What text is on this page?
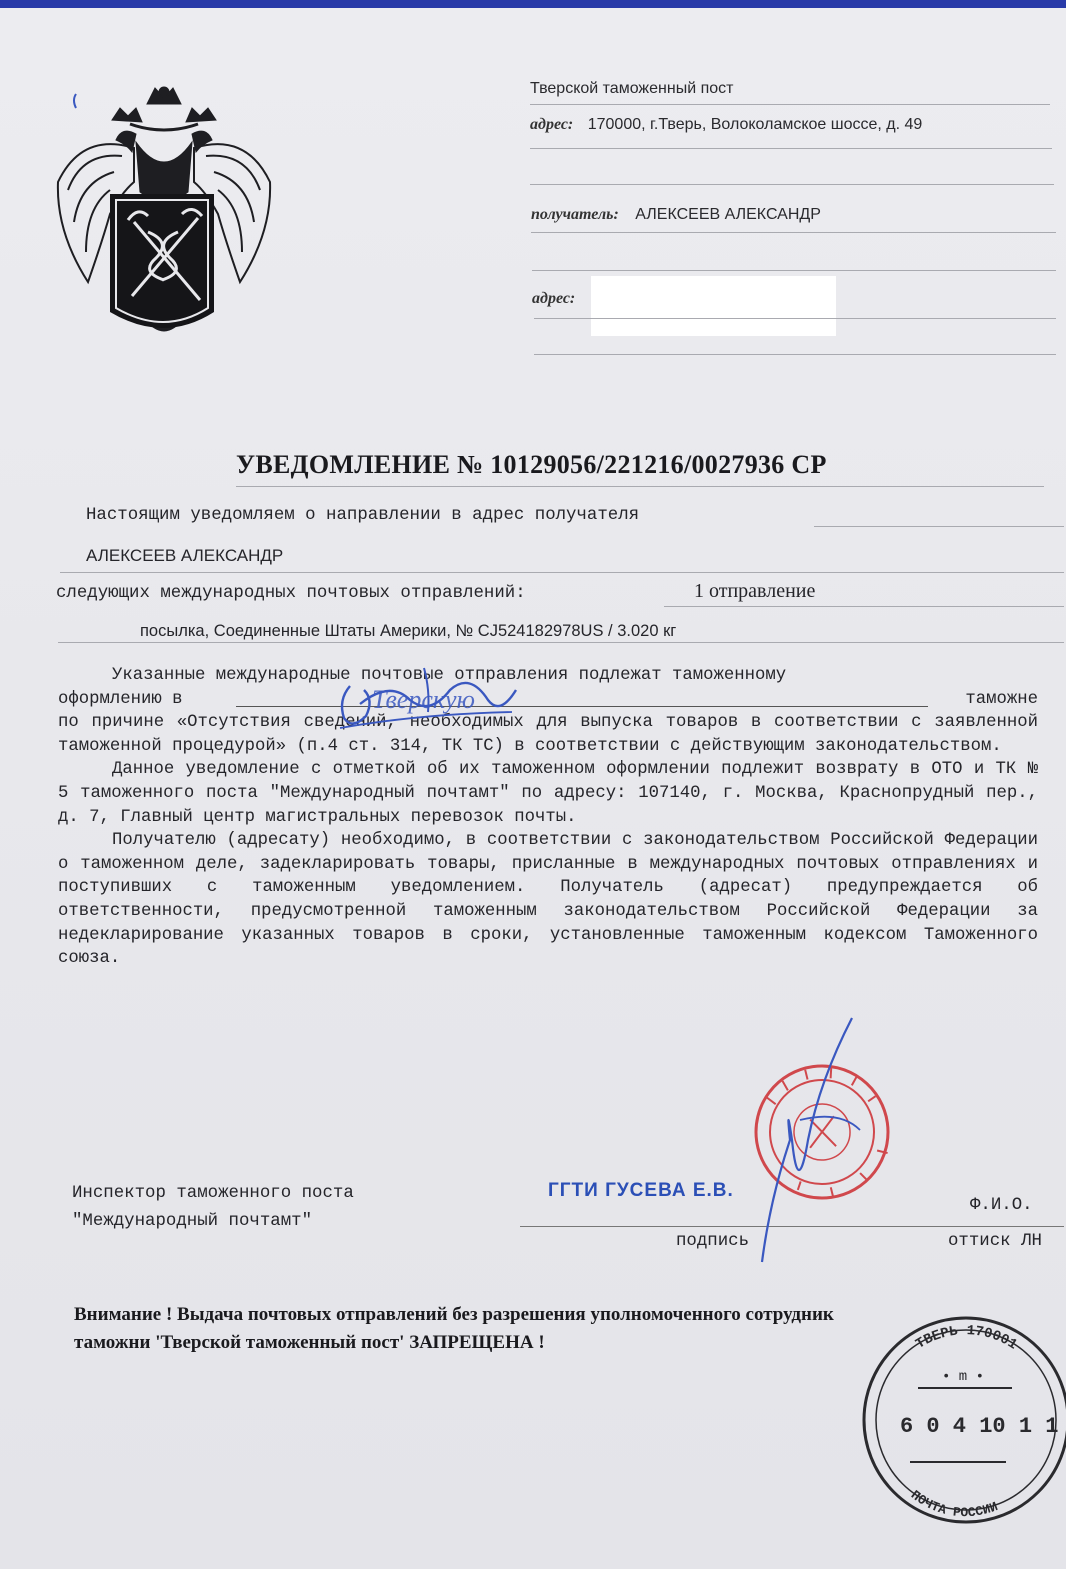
Тверской таможенный пост
адрес: 170000, г.Тверь, Волоколамское шоссе, д. 49
получатель: АЛЕКСЕЕВ АЛЕКСАНДР
адрес:
УВЕДОМЛЕНИЕ № 10129056/221216/0027936 CP
Настоящим уведомляем о направлении в адрес получателя
АЛЕКСЕЕВ АЛЕКСАНДР
следующих международных почтовых отправлений:	1 отправление
посылка, Соединенные Штаты Америки, № CJ524182978US / 3.020 кг

Указанные международные почтовые отправления подлежат таможенному

оформлению в	таможне

по причине «Отсутствия сведений, необходимых для выпуска товаров в соответствии с заявленной таможенной процедурой» (п.4 ст. 314, ТК ТС) в соответствии с действующим законодательством.

Данное уведомление с отметкой об их таможенном оформлении подлежит возврату в ОТО и ТК № 5 таможенного поста "Международный почтамт" по адресу: 107140, г. Москва, Краснопрудный пер., д. 7, Главный центр магистральных перевозок почты.

Получателю (адресату) необходимо, в соответствии с законодательством Российской Федерации о таможенном деле, задекларировать товары, присланные в международных почтовых отправлениях и поступивших с таможенным уведомлением. Получатель (адресат) предупреждается об ответственности, предусмотренной таможенным законодательством Российской Федерации за недекларирование указанных товаров в сроки, установленные таможенным кодексом Таможенного союза.

Инспектор таможенного поста
"Международный почтамт"
ГГТИ ГУСЕВА Е.В.
Ф.И.О.
подпись	оттиск ЛН
Внимание ! Выдача почтовых отправлений без разрешения уполномоченного сотрудник
таможни 'Тверской таможенный пост' ЗАПРЕЩЕНА !	ТВЕРЬ 170001
• m •
6 0 4 10 1 1
ПОЧТА РОССИИ
Тверскую
